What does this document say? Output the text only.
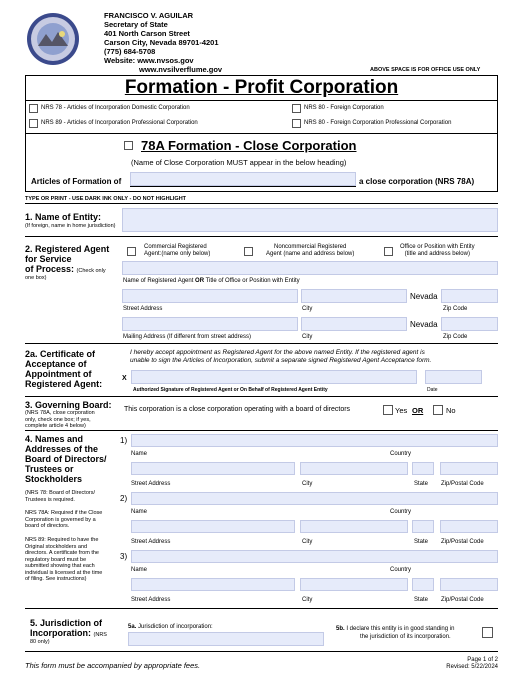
FRANCISCO V. AGUILAR
Secretary of State
401 North Carson Street
Carson City, Nevada 89701-4201
(775) 684-5708
Website: www.nvsos.gov
www.nvsilverflume.gov	ABOVE SPACE IS FOR OFFICE USE ONLY
Formation - Profit Corporation
NRS 78 - Articles of Incorporation Domestic Corporation
NRS 89 - Articles of Incorporation Professional Corporation
NRS 80 - Foreign Corporation
NRS 80 - Foreign Corporation Professional Corporation
78A Formation - Close Corporation
(Name of Close Corporation MUST appear in the below heading)
Articles of Formation of	a close corporation (NRS 78A)
TYPE OR PRINT - USE DARK INK ONLY - DO NOT HIGHLIGHT
1. Name of Entity:
(If foreign, name in home jurisdiction)
2. Registered Agent
for Service
of Process: (Check only
one box)
Commercial Registered
Agent:(name only below)
Noncommercial Registered
Agent (name and address below)
Office or Position with Entity
(title and address below)
Name of Registered Agent OR Title of Office or Position with Entity
Nevada
Street Address	City	Zip Code
Nevada
Mailing Address (If different from street address)	City	Zip Code
2a. Certificate of
Acceptance of
Appointment of
Registered Agent:
I hereby accept appointment as Registered Agent for the above named Entity. If the registered agent is
unable to sign the Articles of Incorporation, submit a separate signed Registered Agent Acceptance form.
X
Authorized Signature of Registered Agent or On Behalf of Registered Agent Entity	Date
3. Governing Board:
(NRS 78A, close corporation
only, check one box; if yes,
complete article 4 below)
This corporation is a close corporation operating with a board of directors	Yes OR	No
4. Names and
Addresses of the
Board of Directors/
Trustees or
Stockholders
(NRS 78: Board of Directors/
Trustees is required.
NRS 78A: Required if the Close
Corporation is governed by a
board of directors.
NRS 89: Required to have the
Original stockholders and
directors. A certificate from the
regulatory board must be
submitted showing that each
individual is licensed at the time
of filing. See instructions)
1)
Name	Country
Street Address	City	State Zip/Postal Code
2)
Name	Country
Street Address	City	State Zip/Postal Code
3)
Name	Country
Street Address	City	State Zip/Postal Code
5. Jurisdiction of
Incorporation: (NRS
80 only)
5a. Jurisdiction of incorporation:	5b. I declare this entity is in good standing in
the jurisdiction of its incorporation.
This form must be accompanied by appropriate fees.
Page 1 of 2
Revised: 5/22/2024
